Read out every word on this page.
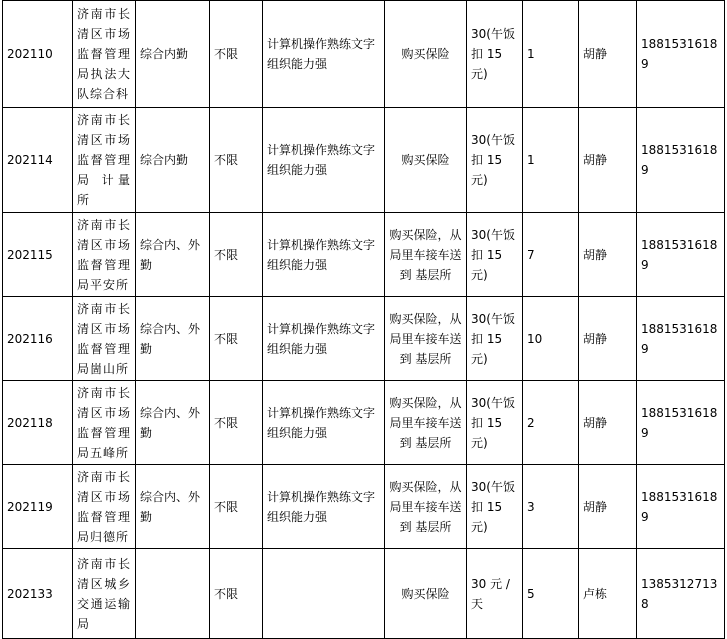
202110	济南市长清区市场监督管理局执法大队综合科	综合内勤	不限	计算机操作熟练文字组织能力强	购买保险	30(午饭扣 15元)	1	胡静	18815316189
202114	济南市长清区市场监督管理局 计量所	综合内勤	不限	计算机操作熟练文字组织能力强	购买保险	30(午饭扣 15元)	1	胡静	18815316189
202115	济南市长清区市场监督管理局平安所	综合内、外勤	不限	计算机操作熟练文字组织能力强	购买保险，从局里车接车送到 基层所	30(午饭扣 15元)	7	胡静	18815316189
202116	济南市长清区市场监督管理局崮山所	综合内、外勤	不限	计算机操作熟练文字组织能力强	购买保险，从局里车接车送到 基层所	30(午饭扣 15元)	10	胡静	18815316189
202118	济南市长清区市场监督管理局五峰所	综合内、外勤	不限	计算机操作熟练文字组织能力强	购买保险，从局里车接车送到 基层所	30(午饭扣 15元)	2	胡静	18815316189
202119	济南市长清区市场监督管理局归德所	综合内、外勤	不限	计算机操作熟练文字组织能力强	购买保险，从局里车接车送到 基层所	30(午饭扣 15元)	3	胡静	18815316189
202133	济南市长清区城乡交通运输局		不限		购买保险	30 元 / 天	5	卢栋	13853127138
